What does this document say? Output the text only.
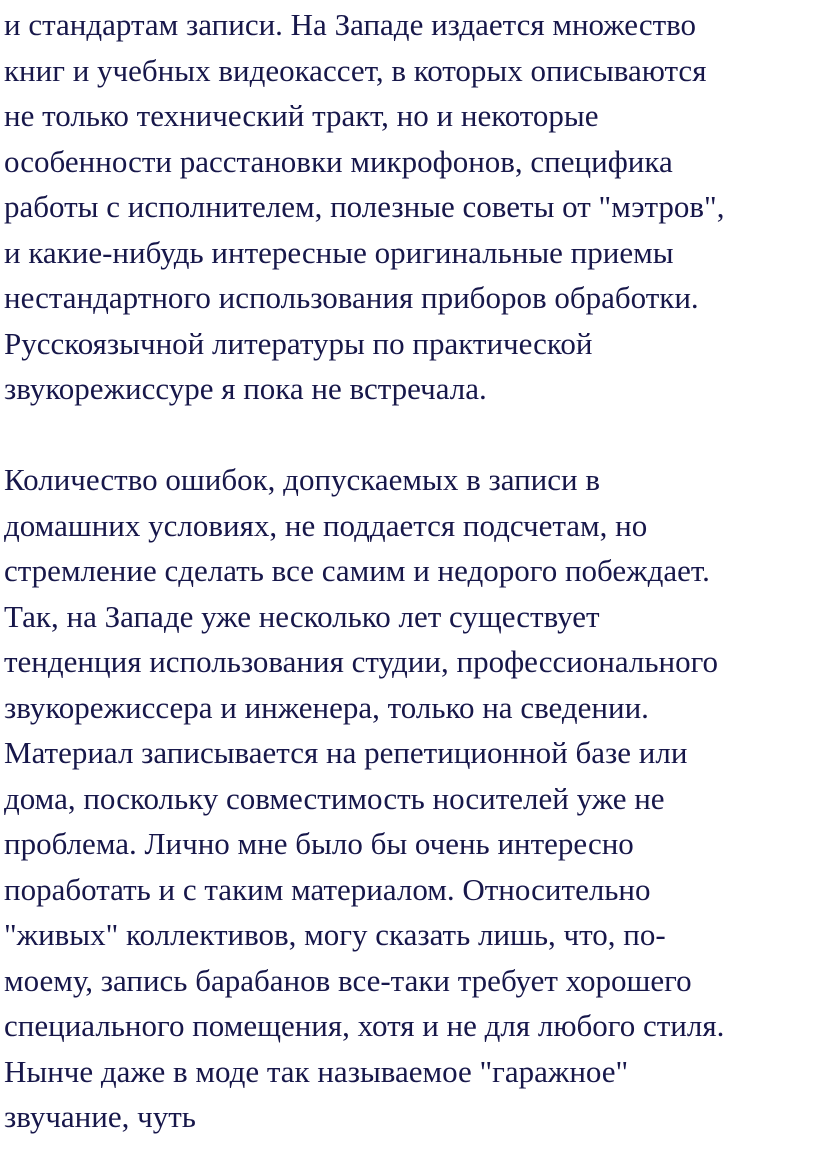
и стандартам записи. На Западе издается множество
книг и учебных видеокассет, в которых описываются
не только технический тракт, но и некоторые
особенности расстановки микрофонов, специфика
работы с исполнителем, полезные советы от "мэтров",
и какие-нибудь интересные оригинальные приемы
нестандартного использования приборов обработки.
Русскоязычной литературы по практической
звукорежиссуре я пока не встречала.
Количество ошибок, допускаемых в записи в
домашних условиях, не поддается подсчетам, но
стремление сделать все самим и недорого побеждает.
Так, на Западе уже несколько лет существует
тенденция использования студии, профессионального
звукорежиссера и инженера, только на сведении.
Материал записывается на репетиционной базе или
дома, поскольку совместимость носителей уже не
проблема. Лично мне было бы очень интересно
поработать и с таким материалом. Относительно
"живых" коллективов, могу сказать лишь, что, по-
моему, запись барабанов все-таки требует хорошего
специального помещения, хотя и не для любого стиля.
Нынче даже в моде так называемое "гаражное"
звучание, чуть
